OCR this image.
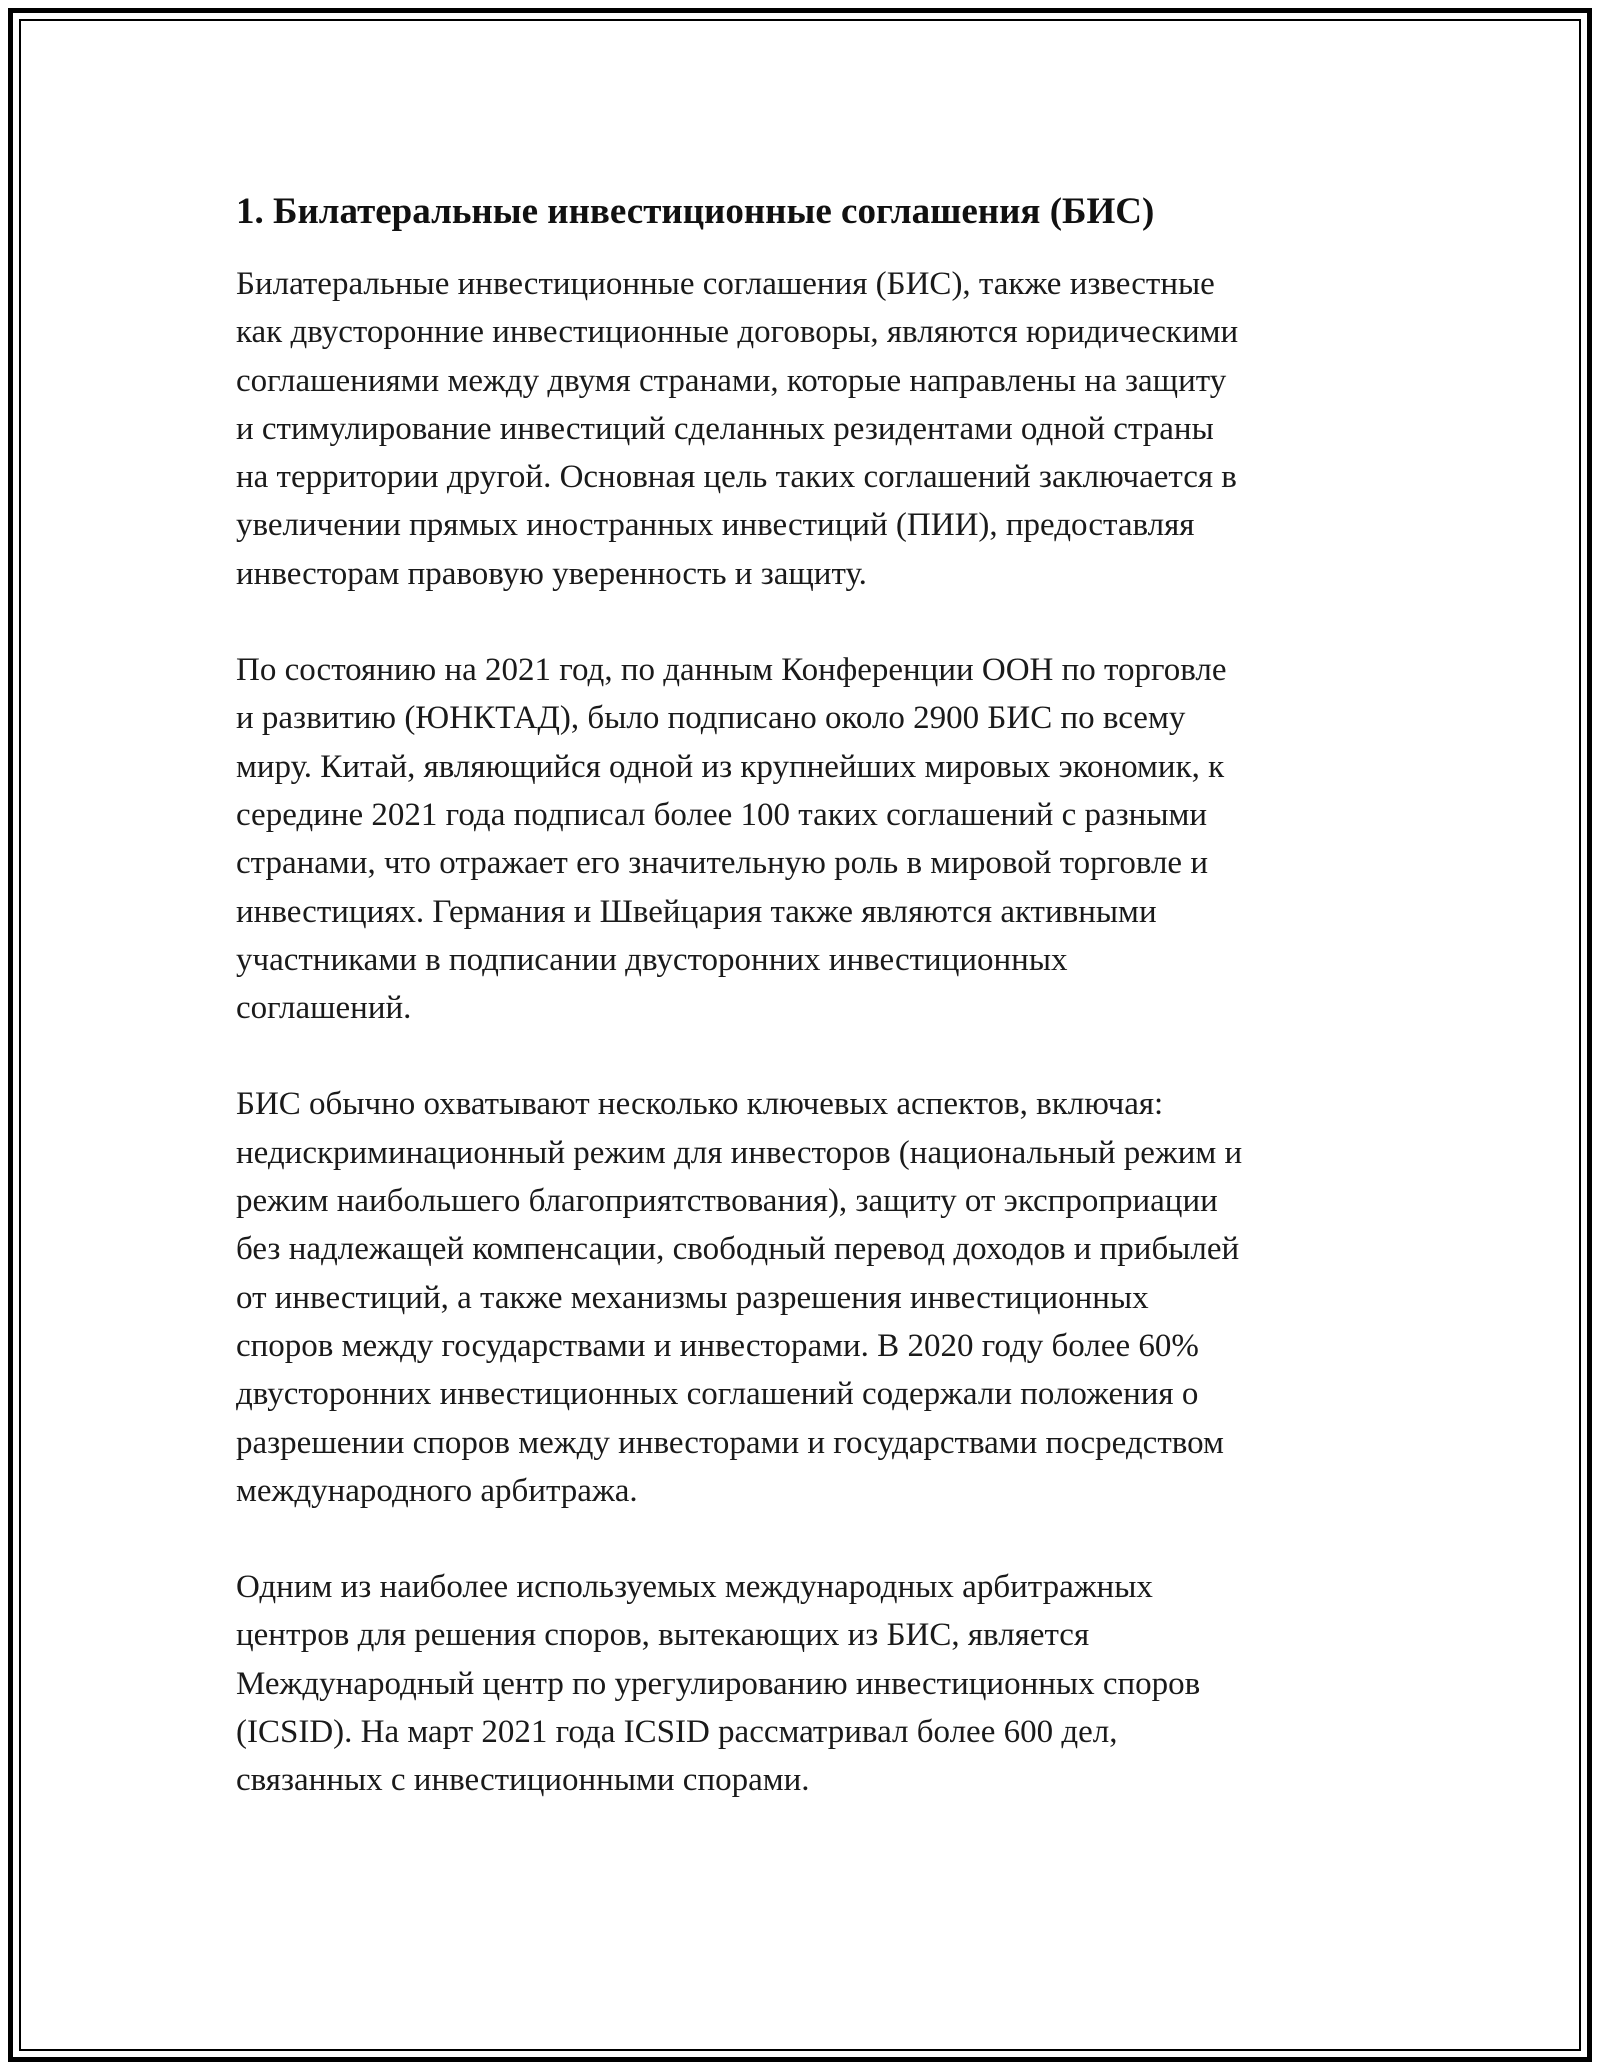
1. Билатеральные инвестиционные соглашения (БИС)

Билатеральные инвестиционные соглашения (БИС), также известные
как двусторонние инвестиционные договоры, являются юридическими
соглашениями между двумя странами, которые направлены на защиту
и стимулирование инвестиций сделанных резидентами одной страны
на территории другой. Основная цель таких соглашений заключается в
увеличении прямых иностранных инвестиций (ПИИ), предоставляя
инвесторам правовую уверенность и защиту.

По состоянию на 2021 год, по данным Конференции ООН по торговле
и развитию (ЮНКТАД), было подписано около 2900 БИС по всему
миру. Китай, являющийся одной из крупнейших мировых экономик, к
середине 2021 года подписал более 100 таких соглашений с разными
странами, что отражает его значительную роль в мировой торговле и
инвестициях. Германия и Швейцария также являются активными
участниками в подписании двусторонних инвестиционных
соглашений.

БИС обычно охватывают несколько ключевых аспектов, включая:
недискриминационный режим для инвесторов (национальный режим и
режим наибольшего благоприятствования), защиту от экспроприации
без надлежащей компенсации, свободный перевод доходов и прибылей
от инвестиций, а также механизмы разрешения инвестиционных
споров между государствами и инвесторами. В 2020 году более 60%
двусторонних инвестиционных соглашений содержали положения о
разрешении споров между инвесторами и государствами посредством
международного арбитража.

Одним из наиболее используемых международных арбитражных
центров для решения споров, вытекающих из БИС, является
Международный центр по урегулированию инвестиционных споров
(ICSID). На март 2021 года ICSID рассматривал более 600 дел,
связанных с инвестиционными спорами.
